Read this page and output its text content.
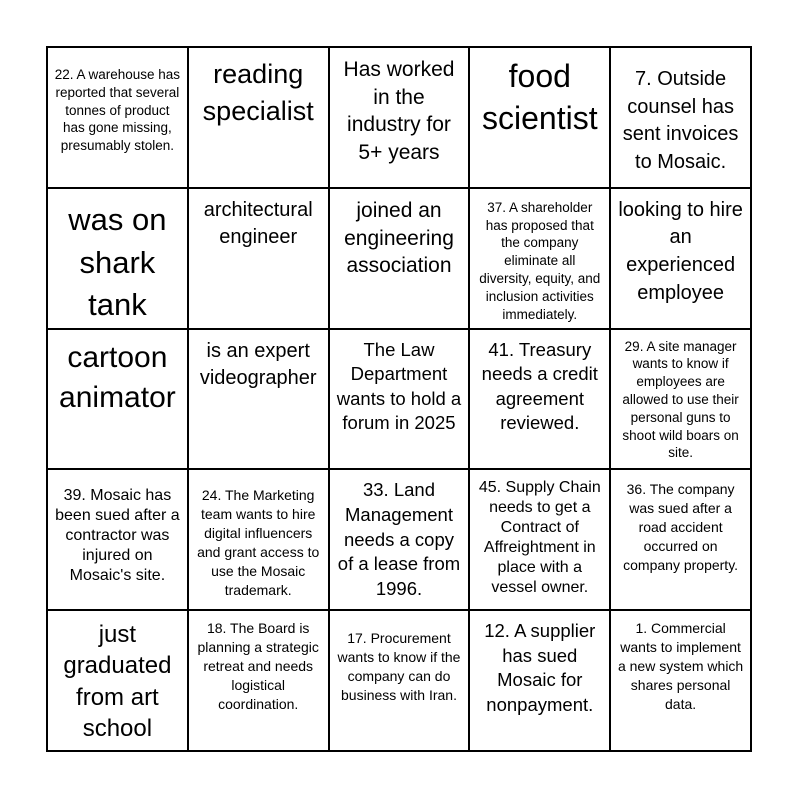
22. A warehouse has reported that several tonnes of product has gone missing, presumably stolen.
reading specialist
Has worked in the industry for 5+ years
food scientist
7. Outside counsel has sent invoices to Mosaic.
was on shark tank
architectural engineer
joined an engineering association
37. A shareholder has proposed that the company eliminate all diversity, equity, and inclusion activities immediately.
looking to hire an experienced employee
cartoon animator
is an expert videographer
The Law Department wants to hold a forum in 2025
41. Treasury needs a credit agreement reviewed.
29. A site manager wants to know if employees are allowed to use their personal guns to shoot wild boars on site.
39. Mosaic has been sued after a contractor was injured on Mosaic's site.
24. The Marketing team wants to hire digital influencers and grant access to use the Mosaic trademark.
33. Land Management needs a copy of a lease from 1996.
45. Supply Chain needs to get a Contract of Affreightment in place with a vessel owner.
36. The company was sued after a road accident occurred on company property.
just graduated from art school
18. The Board is planning a strategic retreat and needs logistical coordination.
17. Procurement wants to know if the company can do business with Iran.
12. A supplier has sued Mosaic for nonpayment.
1. Commercial wants to implement a new system which shares personal data.
